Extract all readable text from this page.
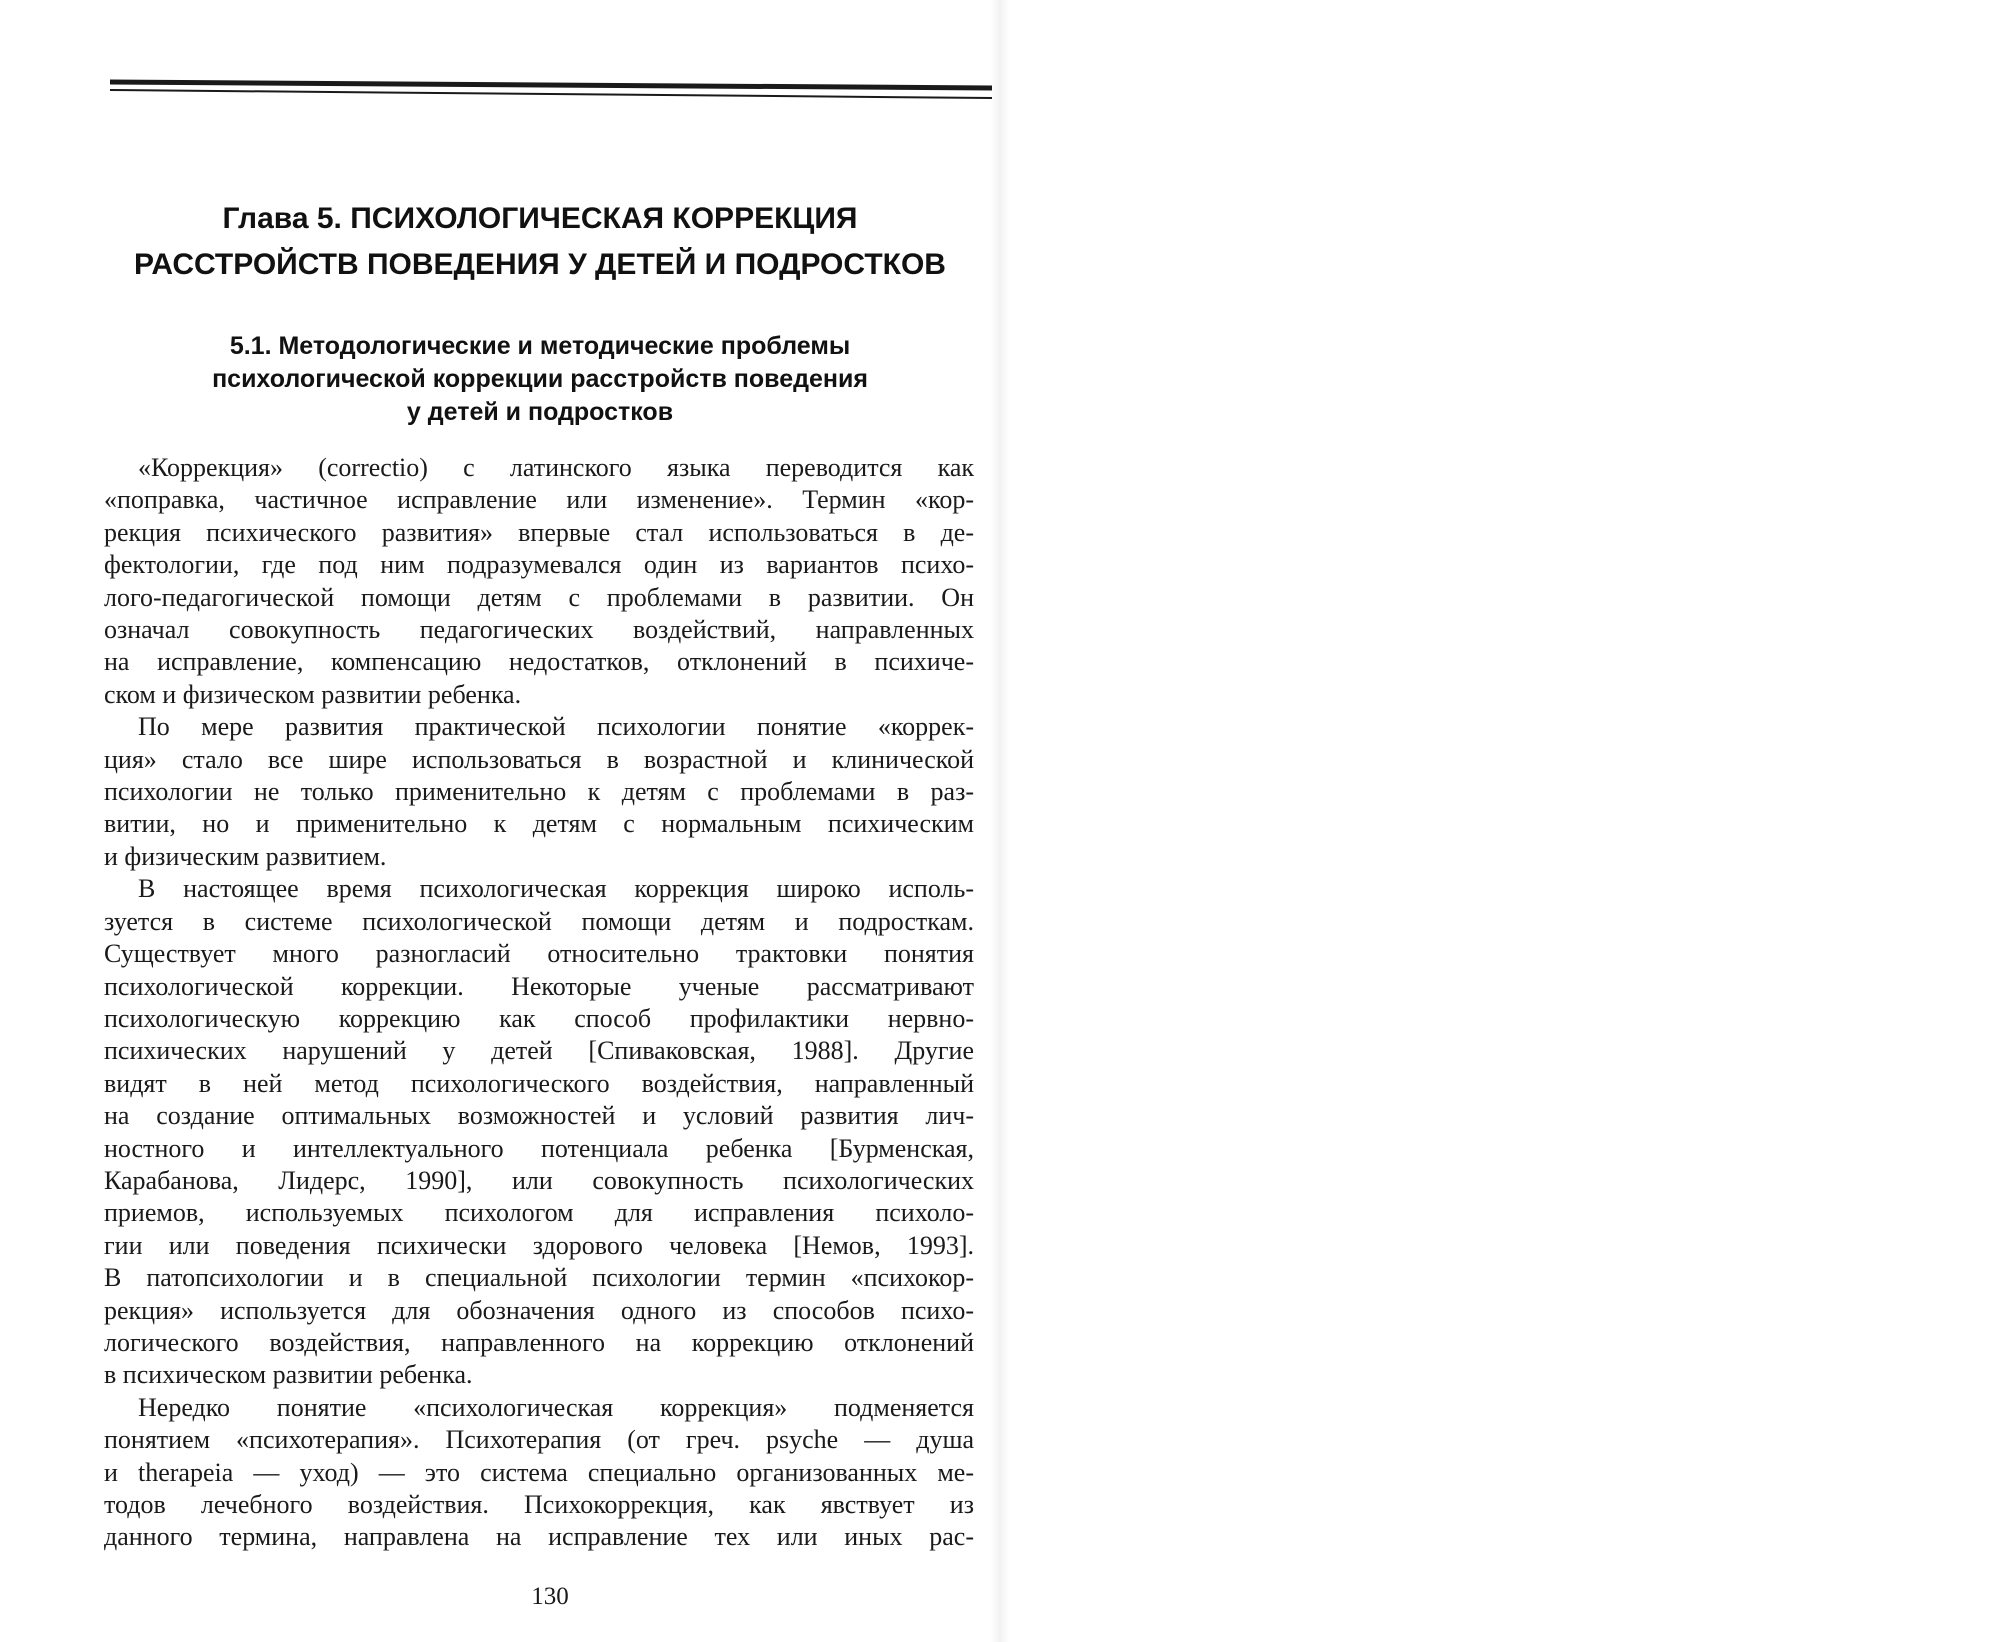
Глава 5. ПСИХОЛОГИЧЕСКАЯ КОРРЕКЦИЯ РАССТРОЙСТВ ПОВЕДЕНИЯ У ДЕТЕЙ И ПОДРОСТКОВ
5.1. Методологические и методические проблемы
психологической коррекции расстройств поведения
у детей и подростков

«Коррекция» (correctio) с латинского языка переводится как

«поправка, частичное исправление или изменение». Термин «кор-

рекция психического развития» впервые стал использоваться в де-

фектологии, где под ним подразумевался один из вариантов психо-

лого-педагогической помощи детям с проблемами в развитии. Он

означал совокупность педагогических воздействий, направленных

на исправление, компенсацию недостатков, отклонений в психиче-

ском и физическом развитии ребенка.

По мере развития практической психологии понятие «коррек-

ция» стало все шире использоваться в возрастной и клинической

психологии не только применительно к детям с проблемами в раз-

витии, но и применительно к детям с нормальным психическим

и физическим развитием.

В настоящее время психологическая коррекция широко исполь-

зуется в системе психологической помощи детям и подросткам.

Существует много разногласий относительно трактовки понятия

психологической коррекции. Некоторые ученые рассматривают

психологическую коррекцию как способ профилактики нервно-

психических нарушений у детей [Спиваковская, 1988]. Другие

видят в ней метод психологического воздействия, направленный

на создание оптимальных возможностей и условий развития лич-

ностного и интеллектуального потенциала ребенка [Бурменская,

Карабанова, Лидерс, 1990], или совокупность психологических

приемов, используемых психологом для исправления психоло-

гии или поведения психически здорового человека [Немов, 1993].

В патопсихологии и в специальной психологии термин «психокор-

рекция» используется для обозначения одного из способов психо-

логического воздействия, направленного на коррекцию отклонений

в психическом развитии ребенка.

Нередко понятие «психологическая коррекция» подменяется

понятием «психотерапия». Психотерапия (от греч. psyche — душа

и therapeia — уход) — это система специально организованных ме-

тодов лечебного воздействия. Психокоррекция, как явствует из

данного термина, направлена на исправление тех или иных рас-

130
